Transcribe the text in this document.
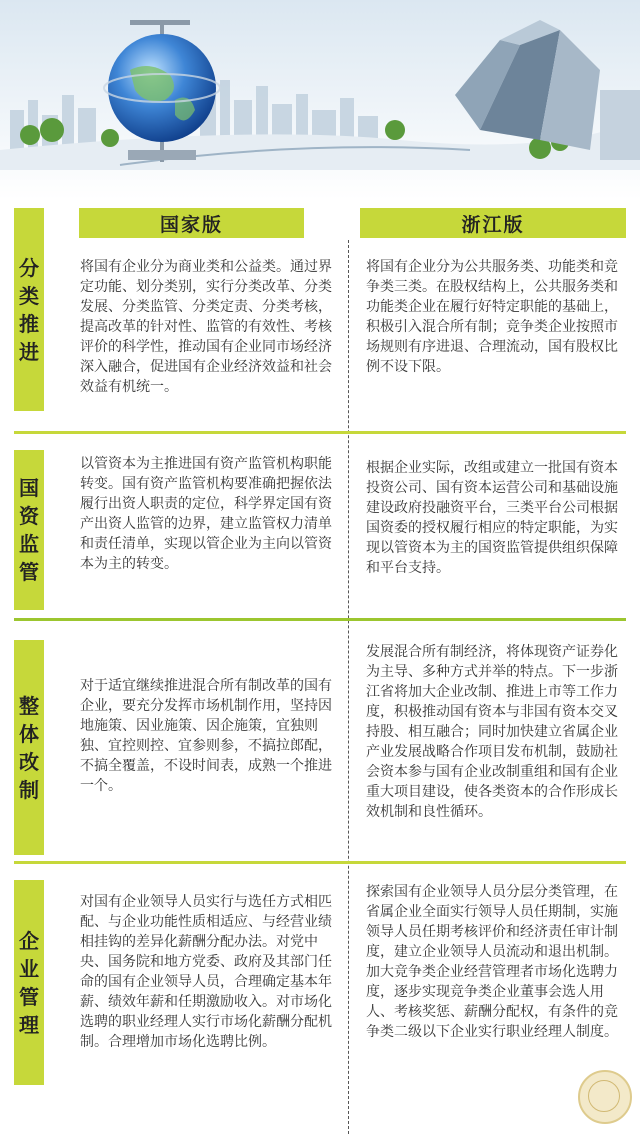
国家版	浙江版
分
类
推
进
将国有企业分为商业类和公益类。通过界定功能、划分类别，实行分类改革、分类发展、分类监管、分类定责、分类考核，提高改革的针对性、监管的有效性、考核评价的科学性，推动国有企业同市场经济深入融合，促进国有企业经济效益和社会效益有机统一。
将国有企业分为公共服务类、功能类和竞争类三类。在股权结构上，公共服务类和功能类企业在履行好特定职能的基础上，积极引入混合所有制；竞争类企业按照市场规则有序进退、合理流动，国有股权比例不设下限。
国
资
监
管
以管资本为主推进国有资产监管机构职能转变。国有资产监管机构要准确把握依法履行出资人职责的定位，科学界定国有资产出资人监管的边界，建立监管权力清单和责任清单，实现以管企业为主向以管资本为主的转变。
根据企业实际，改组或建立一批国有资本投资公司、国有资本运营公司和基础设施建设政府投融资平台，三类平台公司根据国资委的授权履行相应的特定职能，为实现以管资本为主的国资监管提供组织保障和平台支持。
整
体
改
制
对于适宜继续推进混合所有制改革的国有企业，要充分发挥市场机制作用，坚持因地施策、因业施策、因企施策，宜独则独、宜控则控、宜参则参，不搞拉郎配，不搞全覆盖，不设时间表，成熟一个推进一个。
发展混合所有制经济，将体现资产证券化为主导、多种方式并举的特点。下一步浙江省将加大企业改制、推进上市等工作力度，积极推动国有资本与非国有资本交叉持股、相互融合；同时加快建立省属企业产业发展战略合作项目发布机制，鼓励社会资本参与国有企业改制重组和国有企业重大项目建设，使各类资本的合作形成长效机制和良性循环。
企
业
管
理
对国有企业领导人员实行与选任方式相匹配、与企业功能性质相适应、与经营业绩相挂钩的差异化薪酬分配办法。对党中央、国务院和地方党委、政府及其部门任命的国有企业领导人员，合理确定基本年薪、绩效年薪和任期激励收入。对市场化选聘的职业经理人实行市场化薪酬分配机制。合理增加市场化选聘比例。
探索国有企业领导人员分层分类管理，在省属企业全面实行领导人员任期制，实施领导人员任期考核评价和经济责任审计制度，建立企业领导人员流动和退出机制。加大竞争类企业经营管理者市场化选聘力度，逐步实现竞争类企业董事会选人用人、考核奖惩、薪酬分配权，有条件的竞争类二级以下企业实行职业经理人制度。
